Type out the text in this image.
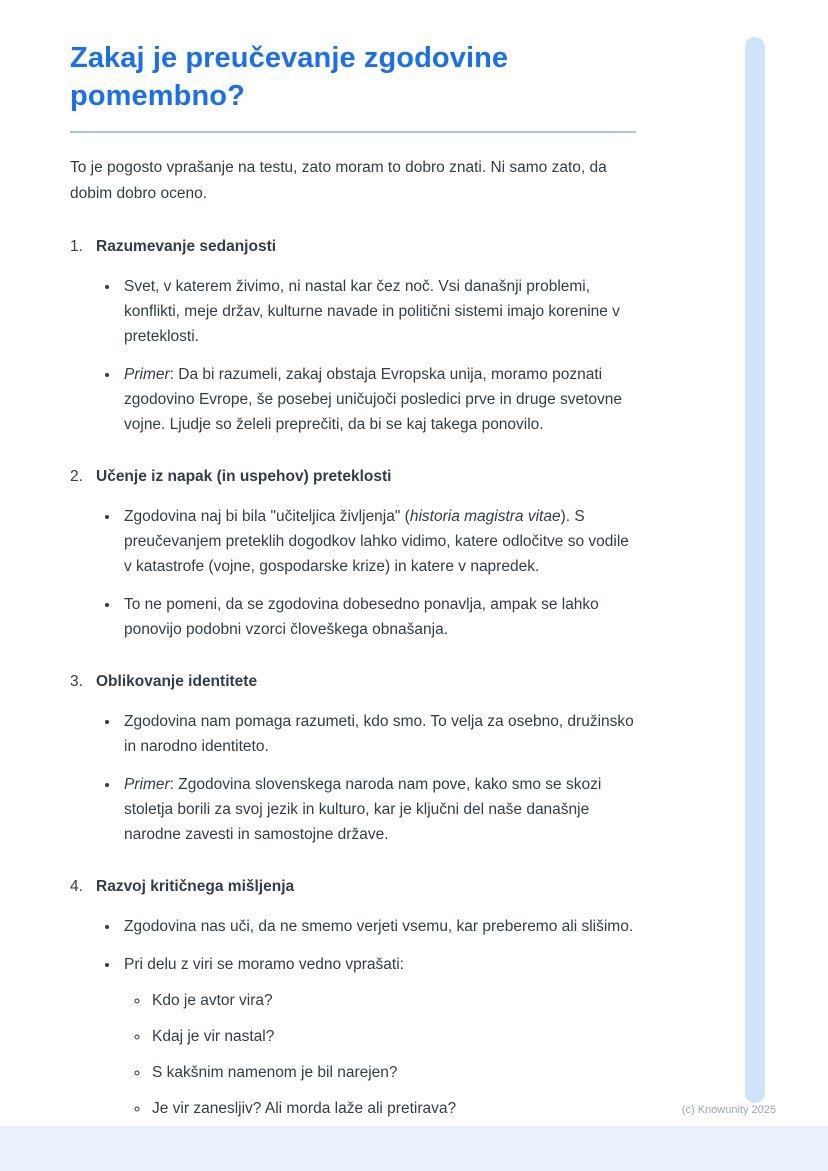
Zakaj je preučevanje zgodovine pomembno?

To je pogosto vprašanje na testu, zato moram to dobro znati. Ni samo zato, da dobim dobro oceno.

1. Razumevanje sedanjosti
• Svet, v katerem živimo, ni nastal kar čez noč. Vsi današnji problemi, konflikti, meje držav, kulturne navade in politični sistemi imajo korenine v preteklosti.
• Primer: Da bi razumeli, zakaj obstaja Evropska unija, moramo poznati zgodovino Evrope, še posebej uničujoči posledici prve in druge svetovne vojne. Ljudje so želeli preprečiti, da bi se kaj takega ponovilo.
2. Učenje iz napak (in uspehov) preteklosti
• Zgodovina naj bi bila "učiteljica življenja" (historia magistra vitae). S preučevanjem preteklih dogodkov lahko vidimo, katere odločitve so vodile v katastrofe (vojne, gospodarske krize) in katere v napredek.
• To ne pomeni, da se zgodovina dobesedno ponavlja, ampak se lahko ponovijo podobni vzorci človeškega obnašanja.
3. Oblikovanje identitete
• Zgodovina nam pomaga razumeti, kdo smo. To velja za osebno, družinsko in narodno identiteto.
• Primer: Zgodovina slovenskega naroda nam pove, kako smo se skozi stoletja borili za svoj jezik in kulturo, kar je ključni del naše današnje narodne zavesti in samostojne države.
4. Razvoj kritičnega mišljenja
• Zgodovina nas uči, da ne smemo verjeti vsemu, kar preberemo ali slišimo.
• Pri delu z viri se moramo vedno vprašati:
◦ Kdo je avtor vira?
◦ Kdaj je vir nastal?
◦ S kakšnim namenom je bil narejen?
◦ Je vir zanesljiv? Ali morda laže ali pretirava?	(c) Knowunity 2025
